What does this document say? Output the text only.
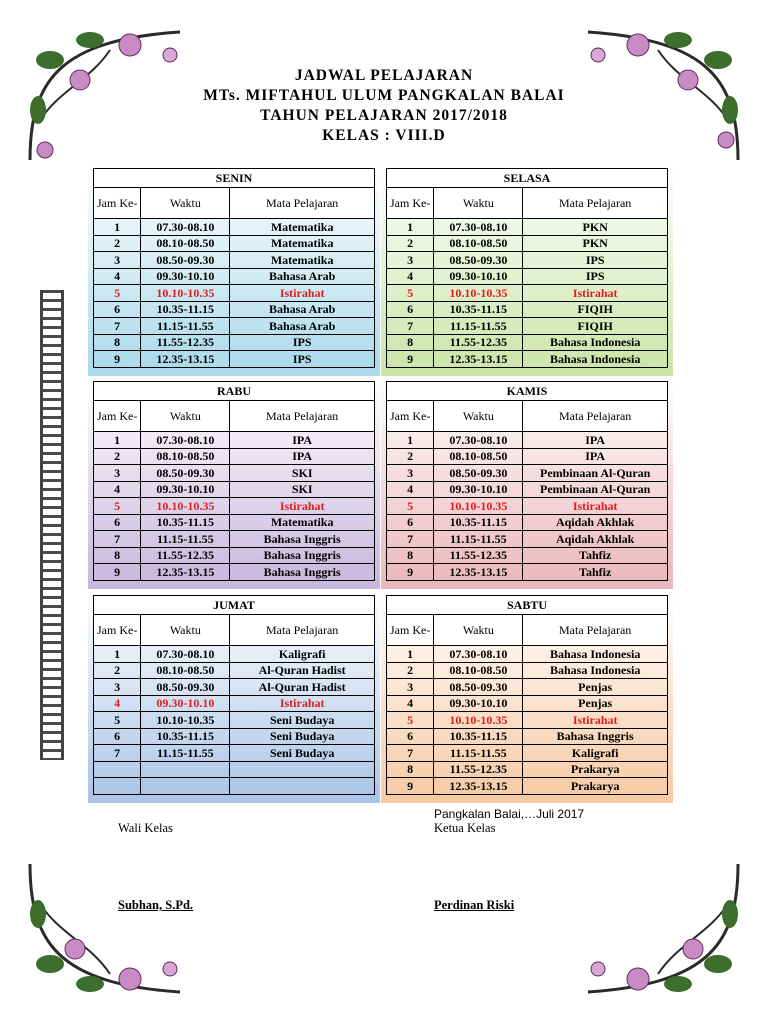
JADWAL PELAJARAN
MTs. MIFTAHUL ULUM PANGKALAN BALAI
TAHUN PELAJARAN 2017/2018
KELAS : VIII.D
SENIN		
Jam Ke-	Waktu	Mata Pelajaran
1	07.30-08.10	Matematika
2	08.10-08.50	Matematika
3	08.50-09.30	Matematika
4	09.30-10.10	Bahasa Arab
5	10.10-10.35	Istirahat
6	10.35-11.15	Bahasa Arab
7	11.15-11.55	Bahasa Arab
8	11.55-12.35	IPS
9	12.35-13.15	IPS
SELASA		
Jam Ke-	Waktu	Mata Pelajaran
1	07.30-08.10	PKN
2	08.10-08.50	PKN
3	08.50-09.30	IPS
4	09.30-10.10	IPS
5	10.10-10.35	Istirahat
6	10.35-11.15	FIQIH
7	11.15-11.55	FIQIH
8	11.55-12.35	Bahasa Indonesia
9	12.35-13.15	Bahasa Indonesia
RABU		
Jam Ke-	Waktu	Mata Pelajaran
1	07.30-08.10	IPA
2	08.10-08.50	IPA
3	08.50-09.30	SKI
4	09.30-10.10	SKI
5	10.10-10.35	Istirahat
6	10.35-11.15	Matematika
7	11.15-11.55	Bahasa Inggris
8	11.55-12.35	Bahasa Inggris
9	12.35-13.15	Bahasa Inggris
KAMIS		
Jam Ke-	Waktu	Mata Pelajaran
1	07.30-08.10	IPA
2	08.10-08.50	IPA
3	08.50-09.30	Pembinaan Al-Quran
4	09.30-10.10	Pembinaan Al-Quran
5	10.10-10.35	Istirahat
6	10.35-11.15	Aqidah Akhlak
7	11.15-11.55	Aqidah Akhlak
8	11.55-12.35	Tahfiz
9	12.35-13.15	Tahfiz
JUMAT		
Jam Ke-	Waktu	Mata Pelajaran
1	07.30-08.10	Kaligrafi
2	08.10-08.50	Al-Quran Hadist
3	08.50-09.30	Al-Quran Hadist
4	09.30-10.10	Istirahat
5	10.10-10.35	Seni Budaya
6	10.35-11.15	Seni Budaya
7	11.15-11.55	Seni Budaya

SABTU		
Jam Ke-	Waktu	Mata Pelajaran
1	07.30-08.10	Bahasa Indonesia
2	08.10-08.50	Bahasa Indonesia
3	08.50-09.30	Penjas
4	09.30-10.10	Penjas
5	10.10-10.35	Istirahat
6	10.35-11.15	Bahasa Inggris
7	11.15-11.55	Kaligrafi
8	11.55-12.35	Prakarya
9	12.35-13.15	Prakarya
Pangkalan Balai,…Juli 2017
Wali Kelas	Ketua Kelas
Subhan, S.Pd.	Perdinan Riski
